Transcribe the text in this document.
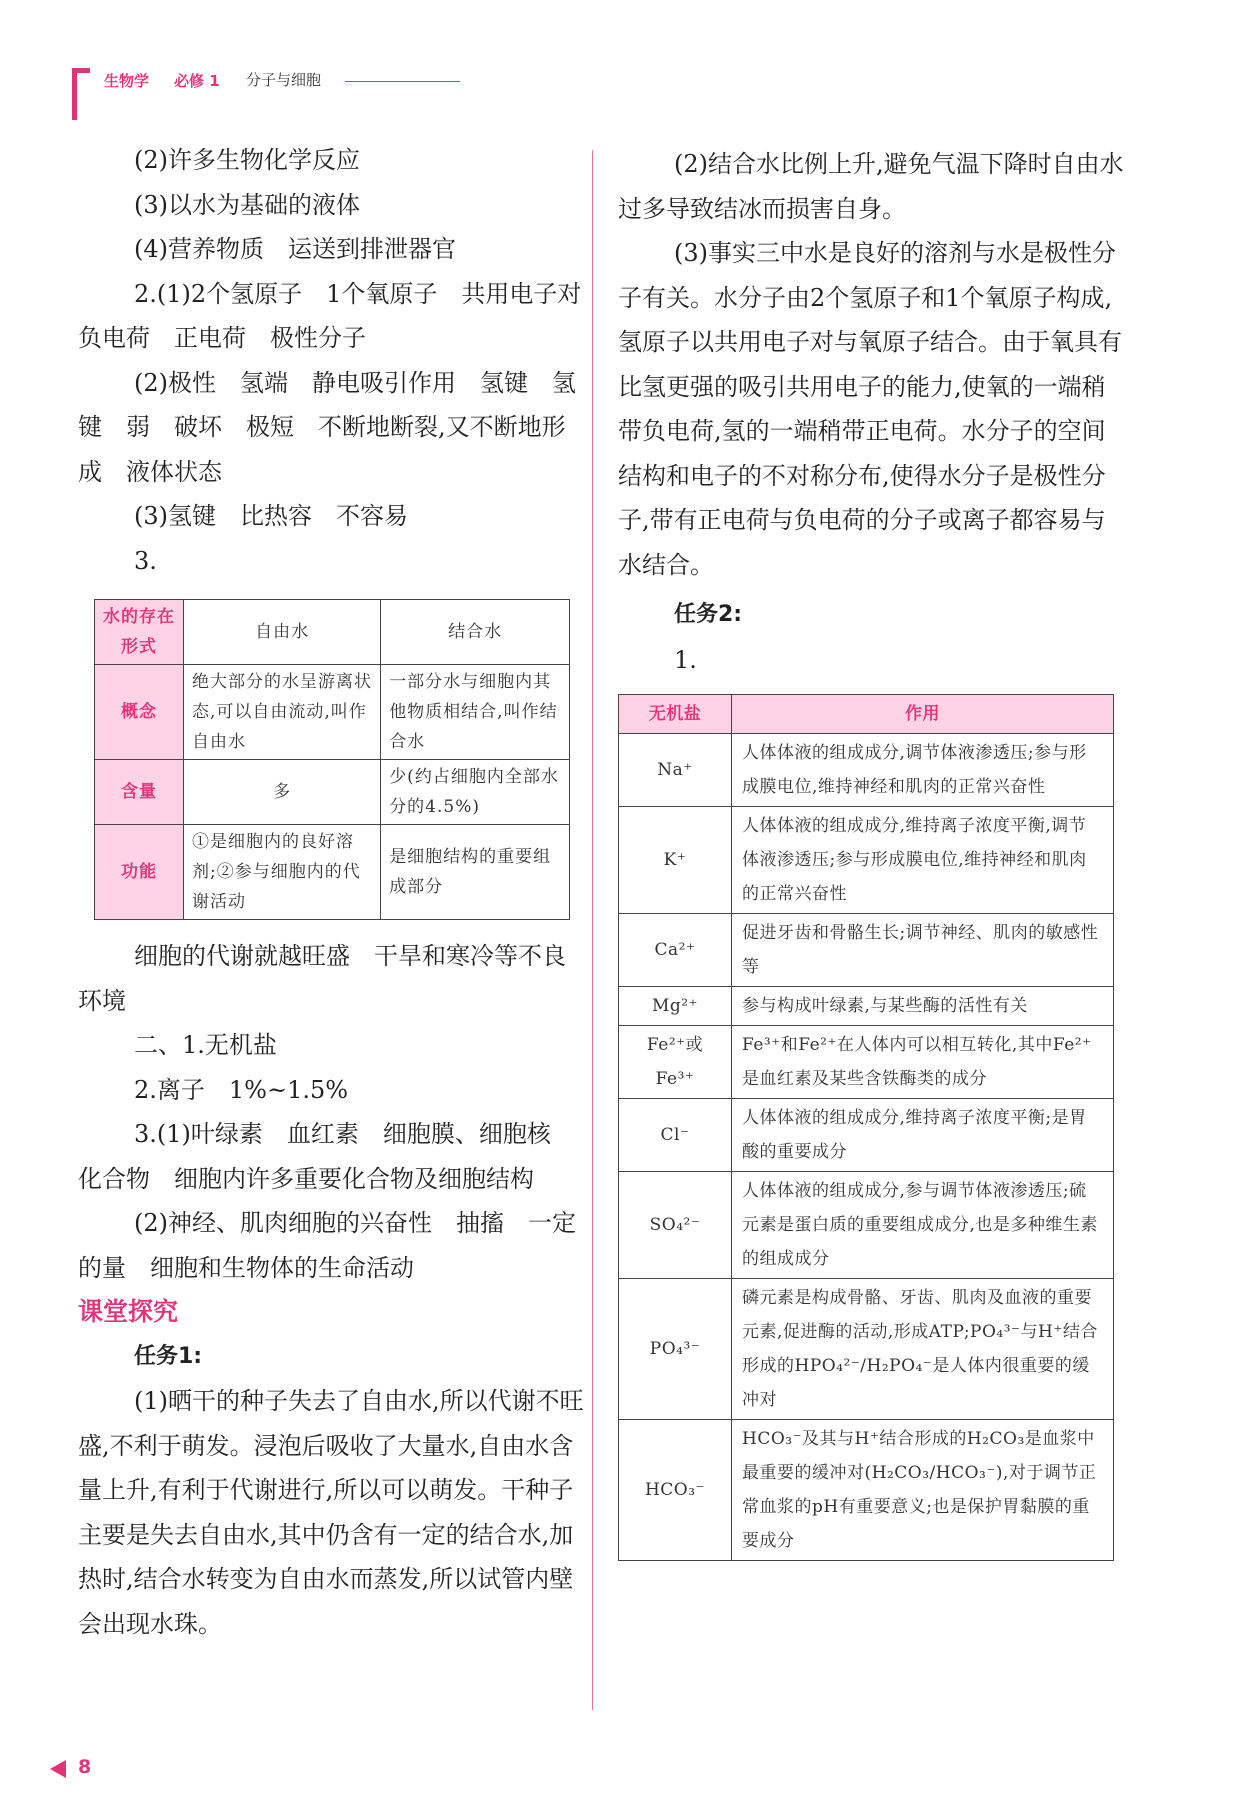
生物学 必修 1 分子与细胞

(2)许多生物化学反应

(3)以水为基础的液体

(4)营养物质　运送到排泄器官

2.(1)2个氢原子　1个氧原子　共用电子对　负电荷　正电荷　极性分子

(2)极性　氢端　静电吸引作用　氢键　氢键　弱　破坏　极短　不断地断裂,又不断地形成　液体状态

(3)氢键　比热容　不容易

3.

水的存在形式	自由水	结合水
概念	绝大部分的水呈游离状态,可以自由流动,叫作自由水	一部分水与细胞内其他物质相结合,叫作结合水
含量	多	少(约占细胞内全部水分的4.5%)
功能	①是细胞内的良好溶剂;②参与细胞内的代谢活动	是细胞结构的重要组成部分

细胞的代谢就越旺盛　干旱和寒冷等不良环境

二、1.无机盐

2.离子　1%~1.5%

3.(1)叶绿素　血红素　细胞膜、细胞核　化合物　细胞内许多重要化合物及细胞结构

(2)神经、肌肉细胞的兴奋性　抽搐　一定的量　细胞和生物体的生命活动

课堂探究

任务1:

(1)晒干的种子失去了自由水,所以代谢不旺盛,不利于萌发。浸泡后吸收了大量水,自由水含量上升,有利于代谢进行,所以可以萌发。干种子主要是失去自由水,其中仍含有一定的结合水,加热时,结合水转变为自由水而蒸发,所以试管内壁会出现水珠。

(2)结合水比例上升,避免气温下降时自由水过多导致结冰而损害自身。

(3)事实三中水是良好的溶剂与水是极性分子有关。水分子由2个氢原子和1个氧原子构成,氢原子以共用电子对与氧原子结合。由于氧具有比氢更强的吸引共用电子的能力,使氧的一端稍带负电荷,氢的一端稍带正电荷。水分子的空间结构和电子的不对称分布,使得水分子是极性分子,带有正电荷与负电荷的分子或离子都容易与水结合。

任务2:

1.

无机盐	作用
Na⁺	人体体液的组成成分,调节体液渗透压;参与形成膜电位,维持神经和肌肉的正常兴奋性
K⁺	人体体液的组成成分,维持离子浓度平衡,调节体液渗透压;参与形成膜电位,维持神经和肌肉的正常兴奋性
Ca²⁺	促进牙齿和骨骼生长;调节神经、肌肉的敏感性等
Mg²⁺	参与构成叶绿素,与某些酶的活性有关
Fe²⁺或Fe³⁺	Fe³⁺和Fe²⁺在人体内可以相互转化,其中Fe²⁺是血红素及某些含铁酶类的成分
Cl⁻	人体体液的组成成分,维持离子浓度平衡;是胃酸的重要成分
SO₄²⁻	人体体液的组成成分,参与调节体液渗透压;硫元素是蛋白质的重要组成成分,也是多种维生素的组成成分
PO₄³⁻	磷元素是构成骨骼、牙齿、肌肉及血液的重要元素,促进酶的活动,形成ATP;PO₄³⁻与H⁺结合形成的HPO₄²⁻/H₂PO₄⁻是人体内很重要的缓冲对
HCO₃⁻	HCO₃⁻及其与H⁺结合形成的H₂CO₃是血浆中最重要的缓冲对(H₂CO₃/HCO₃⁻),对于调节正常血浆的pH有重要意义;也是保护胃黏膜的重要成分
8
